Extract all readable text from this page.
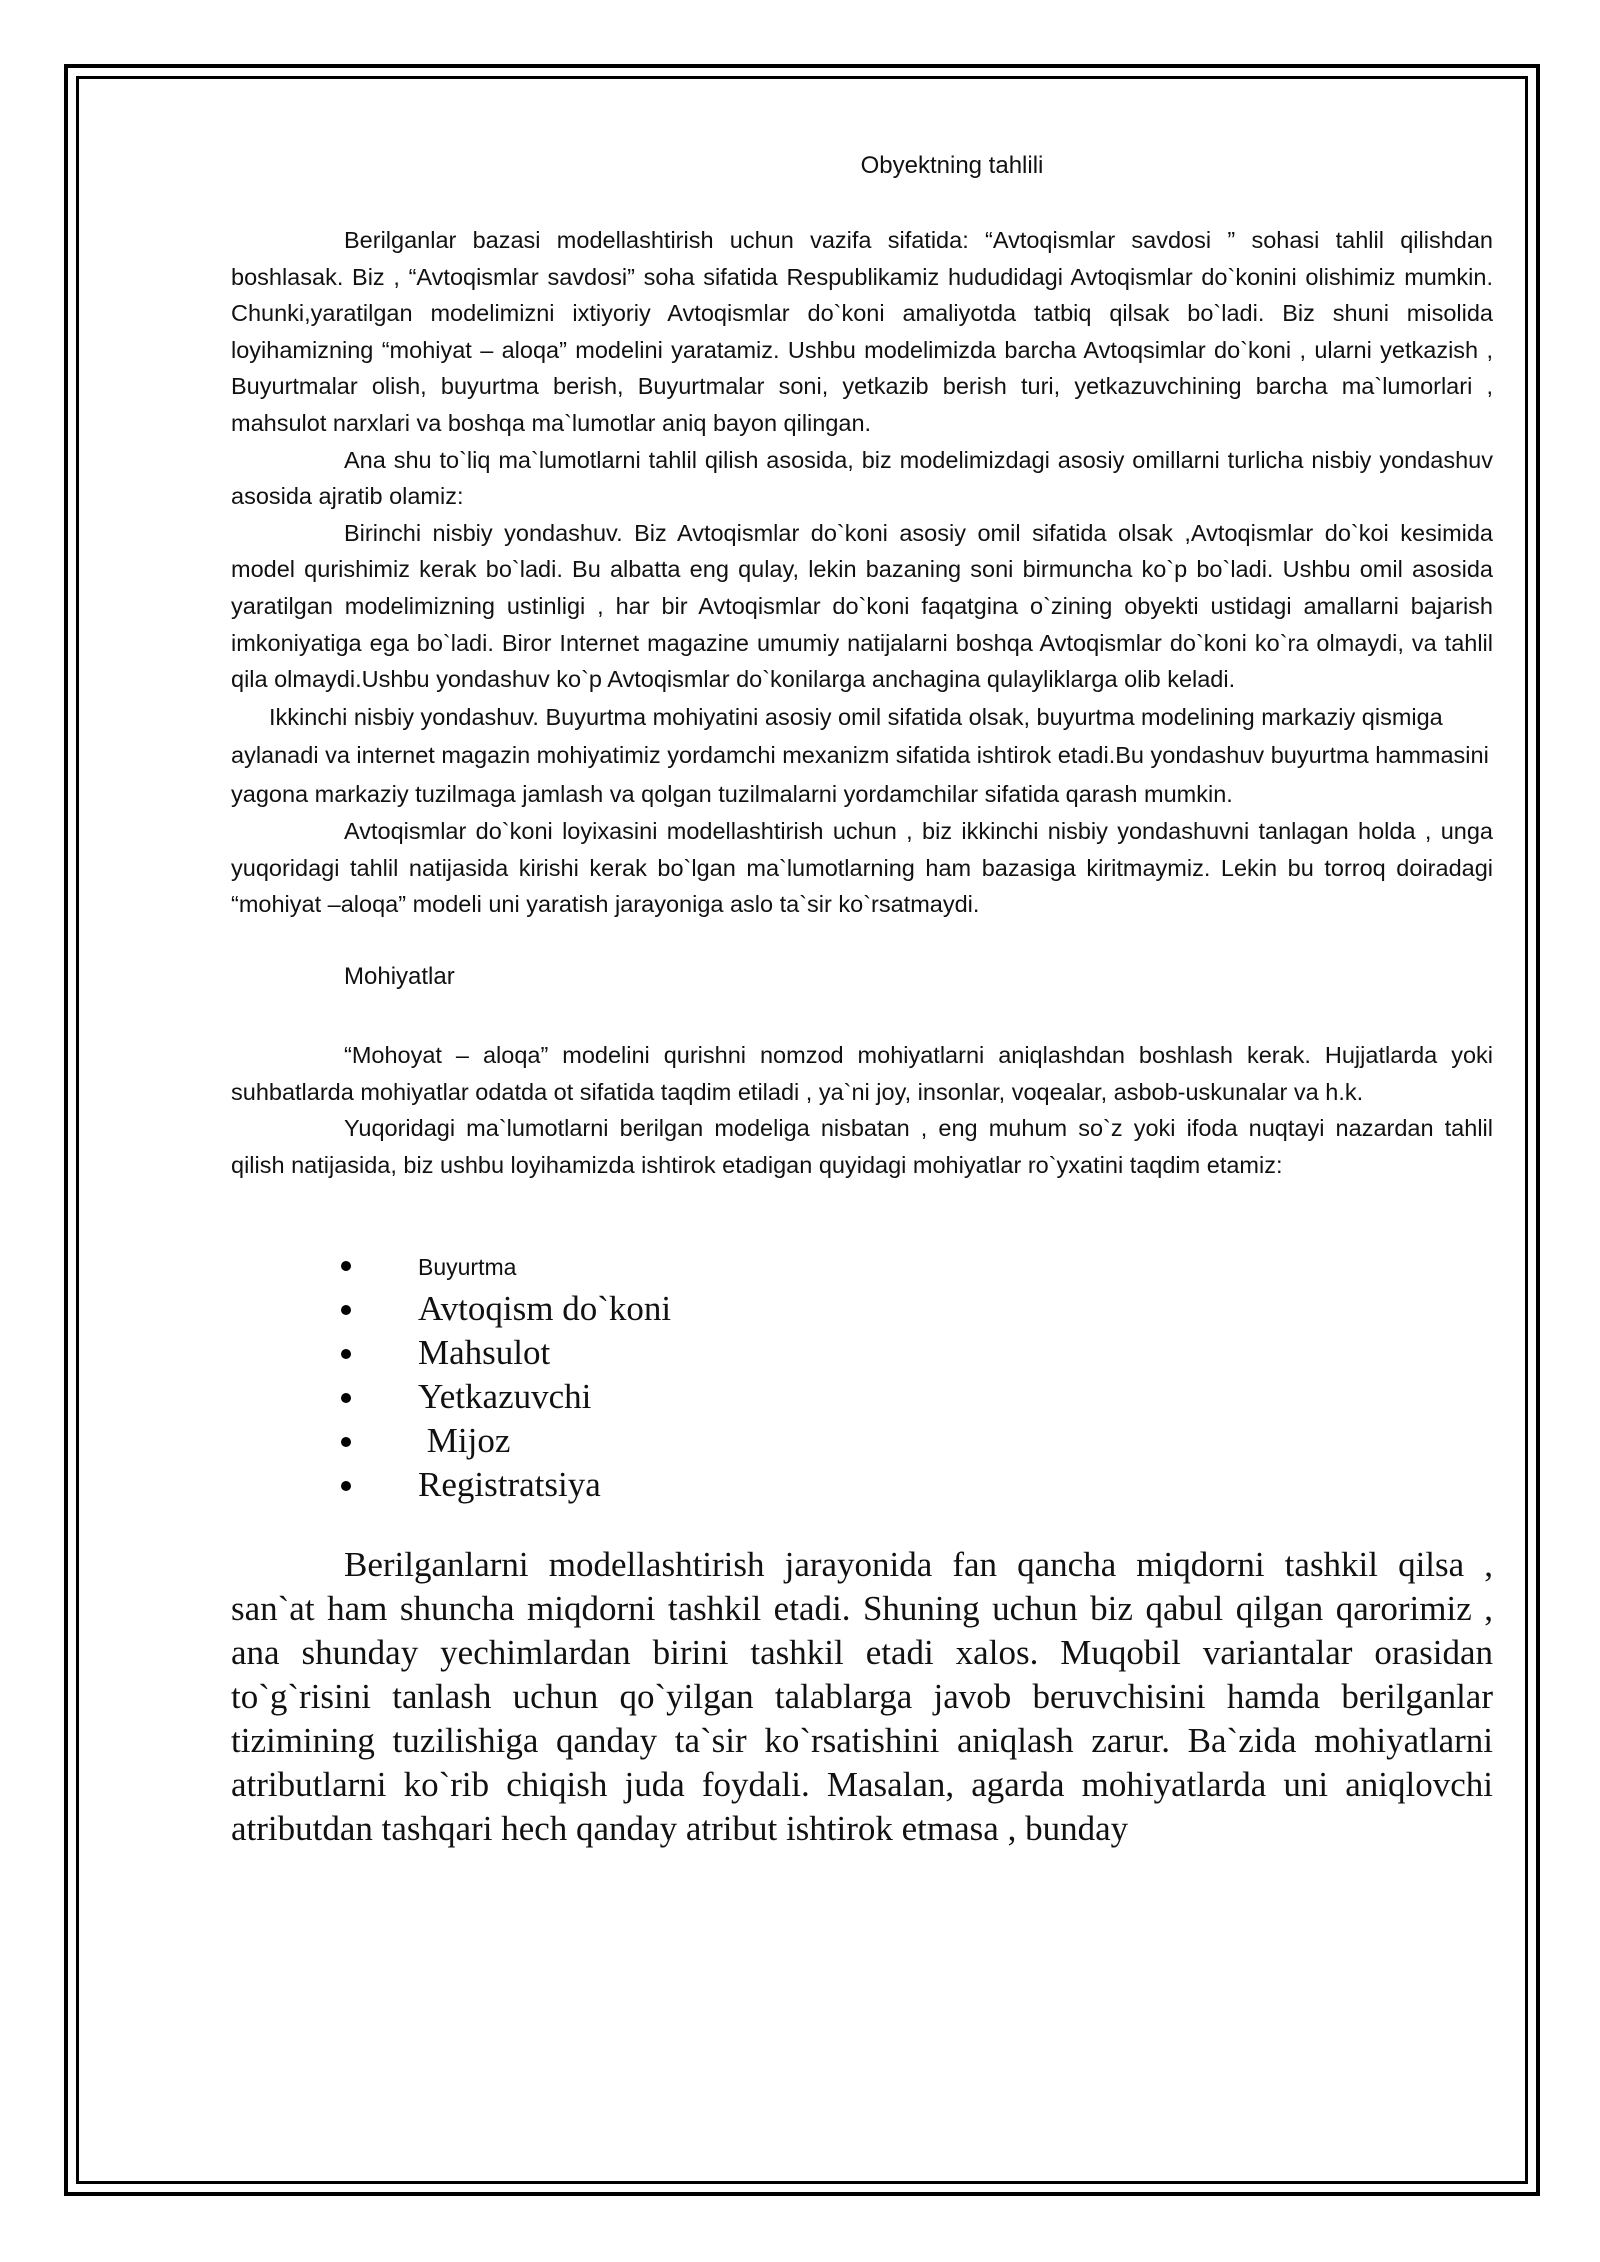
Obyektning tahlili

Berilganlar bazasi modellashtirish uchun vazifa sifatida: “Avtoqismlar savdosi ” sohasi tahlil qilishdan boshlasak. Biz , “Avtoqismlar savdosi” soha sifatida Respublikamiz hududidagi Avtoqismlar do`konini olishimiz mumkin. Chunki,yaratilgan modelimizni ixtiyoriy Avtoqismlar do`koni amaliyotda tatbiq qilsak bo`ladi. Biz shuni misolida loyihamizning “mohiyat – aloqa” modelini yaratamiz. Ushbu modelimizda barcha Avtoqsimlar do`koni , ularni yetkazish , Buyurtmalar olish, buyurtma berish, Buyurtmalar soni, yetkazib berish turi, yetkazuvchining barcha ma`lumorlari , mahsulot narxlari va boshqa ma`lumotlar aniq bayon qilingan.

Ana shu to`liq ma`lumotlarni tahlil qilish asosida, biz modelimizdagi asosiy omillarni turlicha nisbiy yondashuv asosida ajratib olamiz:

Birinchi nisbiy yondashuv. Biz Avtoqismlar do`koni asosiy omil sifatida olsak ,Avtoqismlar do`koi kesimida model qurishimiz kerak bo`ladi. Bu albatta eng qulay, lekin bazaning soni birmuncha ko`p bo`ladi. Ushbu omil asosida yaratilgan modelimizning ustinligi , har bir Avtoqismlar do`koni faqatgina o`zining obyekti ustidagi amallarni bajarish imkoniyatiga ega bo`ladi. Biror Internet magazine umumiy natijalarni boshqa Avtoqismlar do`koni ko`ra olmaydi, va tahlil qila olmaydi.Ushbu yondashuv ko`p Avtoqismlar do`konilarga anchagina qulayliklarga olib keladi.

Ikkinchi nisbiy yondashuv. Buyurtma mohiyatini asosiy omil sifatida olsak, buyurtma modelining markaziy qismiga aylanadi va internet magazin mohiyatimiz yordamchi mexanizm sifatida ishtirok etadi.Bu yondashuv buyurtma hammasini yagona markaziy tuzilmaga jamlash va qolgan tuzilmalarni yordamchilar sifatida qarash mumkin.

Avtoqismlar do`koni loyixasini modellashtirish uchun , biz ikkinchi nisbiy yondashuvni tanlagan holda , unga yuqoridagi tahlil natijasida kirishi kerak bo`lgan ma`lumotlarning ham bazasiga kiritmaymiz. Lekin bu torroq doiradagi “mohiyat –aloqa” modeli uni yaratish jarayoniga aslo ta`sir ko`rsatmaydi.

Mohiyatlar

“Mohoyat – aloqa” modelini qurishni nomzod mohiyatlarni aniqlashdan boshlash kerak. Hujjatlarda yoki suhbatlarda mohiyatlar odatda ot sifatida taqdim etiladi , ya`ni joy, insonlar, voqealar, asbob-uskunalar va h.k.

Yuqoridagi ma`lumotlarni berilgan modeliga nisbatan , eng muhum so`z yoki ifoda nuqtayi nazardan tahlil qilish natijasida, biz ushbu loyihamizda ishtirok etadigan quyidagi mohiyatlar ro`yxatini taqdim etamiz:

Buyurtma
Avtoqism do`koni
Mahsulot
Yetkazuvchi
Mijoz
Registratsiya

Berilganlarni modellashtirish jarayonida fan qancha miqdorni tashkil qilsa , san`at ham shuncha miqdorni tashkil etadi. Shuning uchun biz qabul qilgan qarorimiz , ana shunday yechimlardan birini tashkil etadi xalos. Muqobil variantalar orasidan to`g`risini tanlash uchun qo`yilgan talablarga javob beruvchisini hamda berilganlar tizimining tuzilishiga qanday ta`sir ko`rsatishini aniqlash zarur. Ba`zida mohiyatlarni atributlarni ko`rib chiqish juda foydali. Masalan, agarda mohiyatlarda uni aniqlovchi atributdan tashqari hech qanday atribut ishtirok etmasa , bunday
